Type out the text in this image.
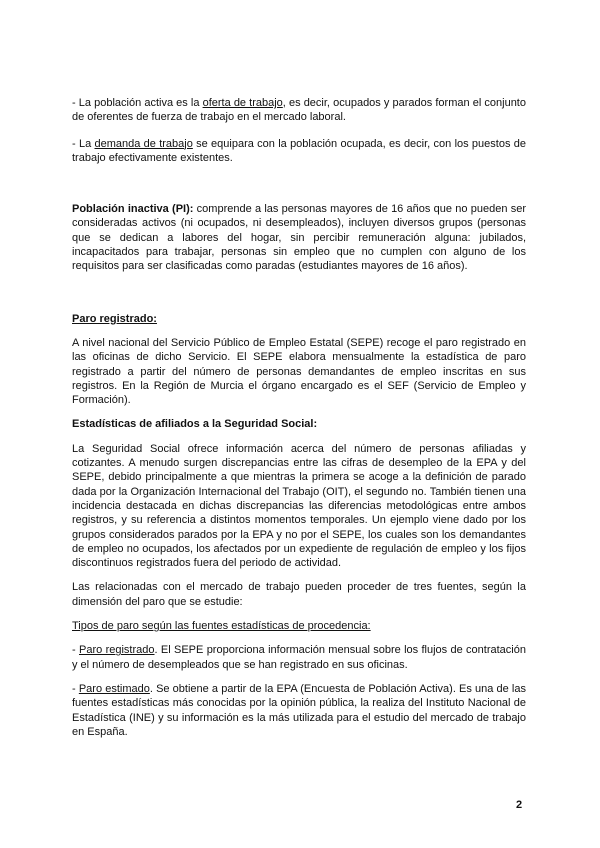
- La población activa es la oferta de trabajo, es decir, ocupados y parados forman el conjunto de oferentes de fuerza de trabajo en el mercado laboral.

- La demanda de trabajo se equipara con la población ocupada, es decir, con los puestos de trabajo efectivamente existentes.

Población inactiva (PI): comprende a las personas mayores de 16 años que no pueden ser consideradas activos (ni ocupados, ni desempleados), incluyen diversos grupos (personas que se dedican a labores del hogar, sin percibir remuneración alguna: jubilados, incapacitados para trabajar, personas sin empleo que no cumplen con alguno de los requisitos para ser clasificadas como paradas (estudiantes mayores de 16 años).

Paro registrado:

A nivel nacional del Servicio Público de Empleo Estatal (SEPE) recoge el paro registrado en las oficinas de dicho Servicio. El SEPE elabora mensualmente la estadística de paro registrado a partir del número de personas demandantes de empleo inscritas en sus registros. En la Región de Murcia el órgano encargado es el SEF (Servicio de Empleo y Formación).

Estadísticas de afiliados a la Seguridad Social:

La Seguridad Social ofrece información acerca del número de personas afiliadas y cotizantes. A menudo surgen discrepancias entre las cifras de desempleo de la EPA y del SEPE, debido principalmente a que mientras la primera se acoge a la definición de parado dada por la Organización Internacional del Trabajo (OIT), el segundo no. También tienen una incidencia destacada en dichas discrepancias las diferencias metodológicas entre ambos registros, y su referencia a distintos momentos temporales. Un ejemplo viene dado por los grupos considerados parados por la EPA y no por el SEPE, los cuales son los demandantes de empleo no ocupados, los afectados por un expediente de regulación de empleo y los fijos discontinuos registrados fuera del periodo de actividad.

Las relacionadas con el mercado de trabajo pueden proceder de tres fuentes, según la dimensión del paro que se estudie:

Tipos de paro según las fuentes estadísticas de procedencia:

- Paro registrado. El SEPE proporciona información mensual sobre los flujos de contratación y el número de desempleados que se han registrado en sus oficinas.

- Paro estimado. Se obtiene a partir de la EPA (Encuesta de Población Activa). Es una de las fuentes estadísticas más conocidas por la opinión pública, la realiza del Instituto Nacional de Estadística (INE) y su información es la más utilizada para el estudio del mercado de trabajo en España.

2
